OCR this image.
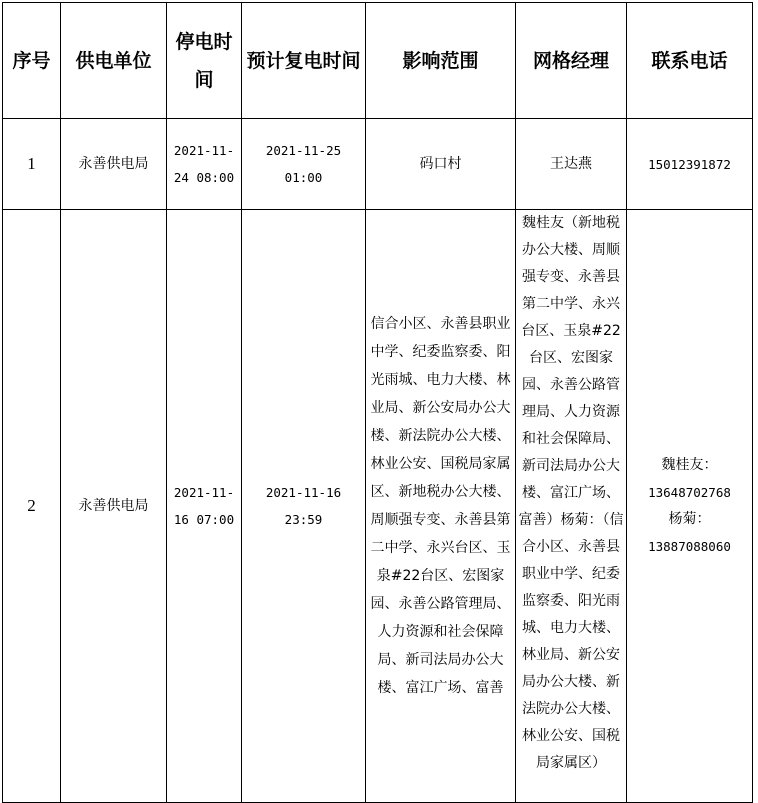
序号	供电单位	停电时间	预计复电时间	影响范围	网格经理	联系电话
1	永善供电局	2021-11-24 08:00	2021-11-25 01:00	码口村	王达燕	15012391872
2	永善供电局	2021-11-16 07:00	2021-11-16 23:59	信合小区、永善县职业中学、纪委监察委、阳光雨城、电力大楼、林业局、新公安局办公大楼、新法院办公大楼、林业公安、国税局家属区、新地税办公大楼、周顺强专变、永善县第二中学、永兴台区、玉泉#22台区、宏图家园、永善公路管理局、人力资源和社会保障局、新司法局办公大楼、富江广场、富善	魏桂友（新地税办公大楼、周顺强专变、永善县第二中学、永兴台区、玉泉#22台区、宏图家园、永善公路管理局、人力资源和社会保障局、新司法局办公大楼、富江广场、富善）杨菊：（信合小区、永善县职业中学、纪委监察委、阳光雨城、电力大楼、林业局、新公安局办公大楼、新法院办公大楼、林业公安、国税局家属区）	魏桂友：
13648702768
杨菊：
13887088060
